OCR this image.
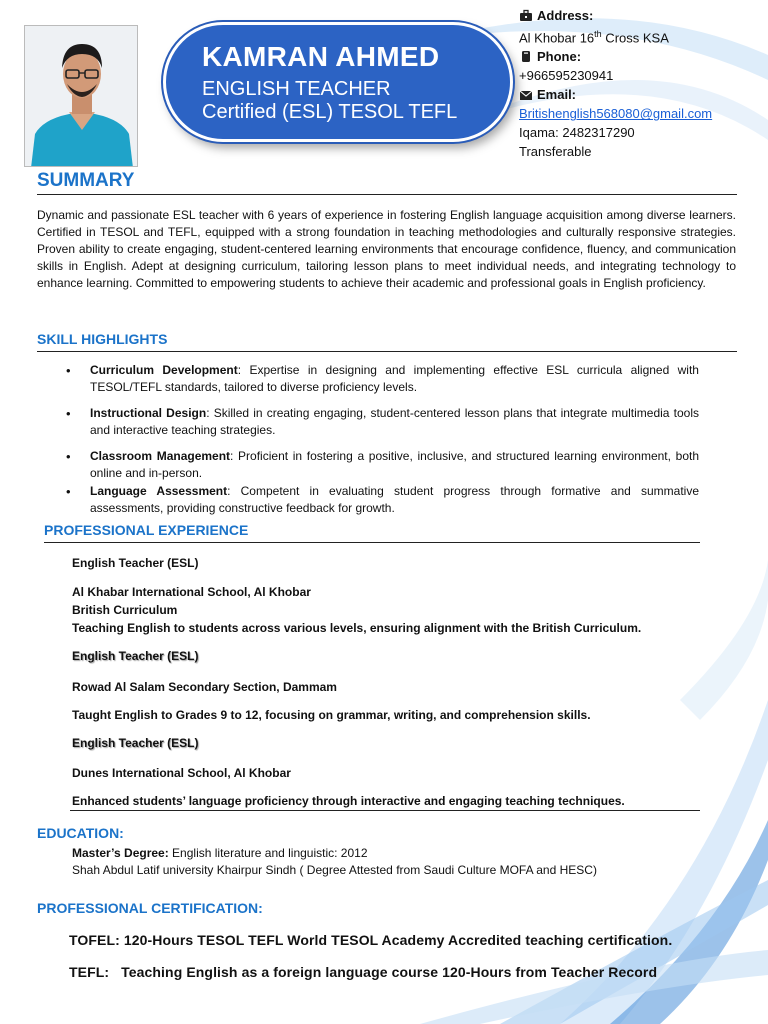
KAMRAN AHMED
ENGLISH TEACHER
Certified (ESL) TESOL TEFL
Address:
Al Khobar 16th Cross KSA
Phone:
+966595230941
Email:
Britishenglish568080@gmail.com
Iqama: 2482317290
Transferable
SUMMARY
Dynamic and passionate ESL teacher with 6 years of experience in fostering English language acquisition among diverse learners. Certified in TESOL and TEFL, equipped with a strong foundation in teaching methodologies and culturally responsive strategies. Proven ability to create engaging, student-centered learning environments that encourage confidence, fluency, and communication skills in English. Adept at designing curriculum, tailoring lesson plans to meet individual needs, and integrating technology to enhance learning. Committed to empowering students to achieve their academic and professional goals in English proficiency.
SKILL HIGHLIGHTS
• Curriculum Development: Expertise in designing and implementing effective ESL curricula aligned with TESOL/TEFL standards, tailored to diverse proficiency levels.
• Instructional Design: Skilled in creating engaging, student-centered lesson plans that integrate multimedia tools and interactive teaching strategies.
• Classroom Management: Proficient in fostering a positive, inclusive, and structured learning environment, both online and in-person.
• Language Assessment: Competent in evaluating student progress through formative and summative assessments, providing constructive feedback for growth.
PROFESSIONAL EXPERIENCE
English Teacher (ESL)
Al Khabar International School, Al Khobar
British Curriculum
Teaching English to students across various levels, ensuring alignment with the British Curriculum.
English Teacher (ESL)
Rowad Al Salam Secondary Section, Dammam
Taught English to Grades 9 to 12, focusing on grammar, writing, and comprehension skills.
English Teacher (ESL)
Dunes International School, Al Khobar
Enhanced students’ language proficiency through interactive and engaging teaching techniques.
EDUCATION:
Master’s Degree: English literature and linguistic: 2012
Shah Abdul Latif university Khairpur Sindh ( Degree Attested from Saudi Culture MOFA and HESC)
PROFESSIONAL CERTIFICATION:
TOFEL: 120-Hours TESOL TEFL World TESOL Academy Accredited teaching certification.
TEFL:   Teaching English as a foreign language course 120-Hours from Teacher Record
